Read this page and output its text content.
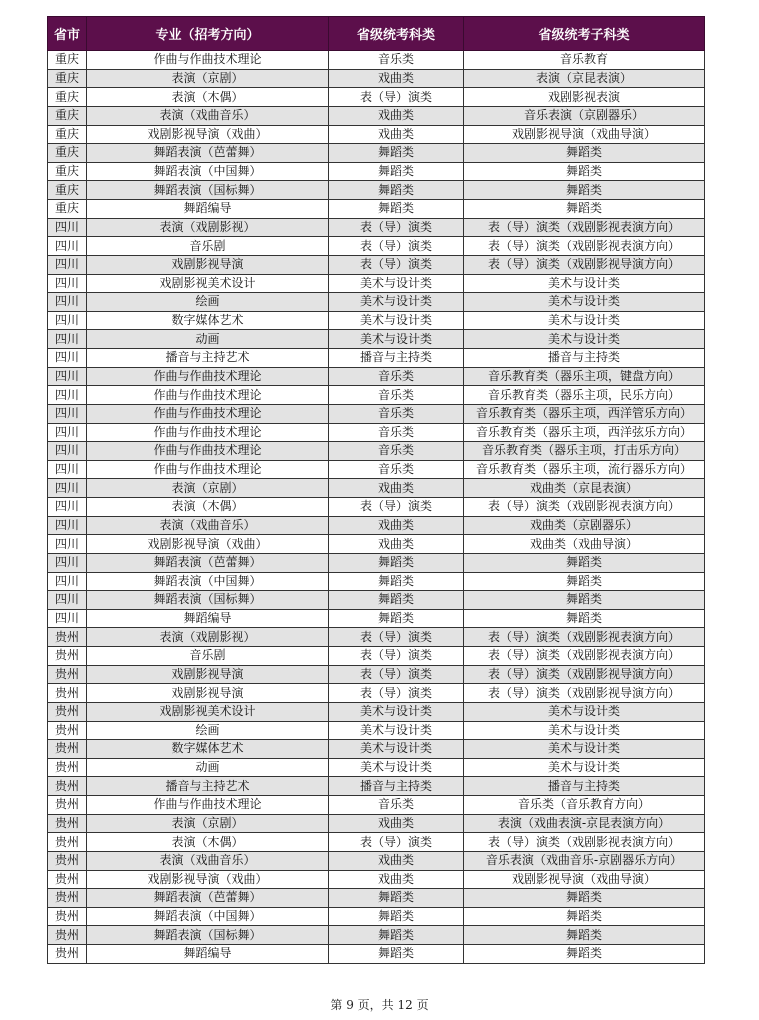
省市	专业（招考方向）	省级统考科类	省级统考子科类
重庆	作曲与作曲技术理论	音乐类	音乐教育
重庆	表演（京剧）	戏曲类	表演（京昆表演）
重庆	表演（木偶）	表（导）演类	戏剧影视表演
重庆	表演（戏曲音乐）	戏曲类	音乐表演（京剧器乐）
重庆	戏剧影视导演（戏曲）	戏曲类	戏剧影视导演（戏曲导演）
重庆	舞蹈表演（芭蕾舞）	舞蹈类	舞蹈类
重庆	舞蹈表演（中国舞）	舞蹈类	舞蹈类
重庆	舞蹈表演（国标舞）	舞蹈类	舞蹈类
重庆	舞蹈编导	舞蹈类	舞蹈类
四川	表演（戏剧影视）	表（导）演类	表（导）演类（戏剧影视表演方向）
四川	音乐剧	表（导）演类	表（导）演类（戏剧影视表演方向）
四川	戏剧影视导演	表（导）演类	表（导）演类（戏剧影视导演方向）
四川	戏剧影视美术设计	美术与设计类	美术与设计类
四川	绘画	美术与设计类	美术与设计类
四川	数字媒体艺术	美术与设计类	美术与设计类
四川	动画	美术与设计类	美术与设计类
四川	播音与主持艺术	播音与主持类	播音与主持类
四川	作曲与作曲技术理论	音乐类	音乐教育类（器乐主项，键盘方向）
四川	作曲与作曲技术理论	音乐类	音乐教育类（器乐主项，民乐方向）
四川	作曲与作曲技术理论	音乐类	音乐教育类（器乐主项，西洋管乐方向）
四川	作曲与作曲技术理论	音乐类	音乐教育类（器乐主项，西洋弦乐方向）
四川	作曲与作曲技术理论	音乐类	音乐教育类（器乐主项，打击乐方向）
四川	作曲与作曲技术理论	音乐类	音乐教育类（器乐主项，流行器乐方向）
四川	表演（京剧）	戏曲类	戏曲类（京昆表演）
四川	表演（木偶）	表（导）演类	表（导）演类（戏剧影视表演方向）
四川	表演（戏曲音乐）	戏曲类	戏曲类（京剧器乐）
四川	戏剧影视导演（戏曲）	戏曲类	戏曲类（戏曲导演）
四川	舞蹈表演（芭蕾舞）	舞蹈类	舞蹈类
四川	舞蹈表演（中国舞）	舞蹈类	舞蹈类
四川	舞蹈表演（国标舞）	舞蹈类	舞蹈类
四川	舞蹈编导	舞蹈类	舞蹈类
贵州	表演（戏剧影视）	表（导）演类	表（导）演类（戏剧影视表演方向）
贵州	音乐剧	表（导）演类	表（导）演类（戏剧影视表演方向）
贵州	戏剧影视导演	表（导）演类	表（导）演类（戏剧影视导演方向）
贵州	戏剧影视导演	表（导）演类	表（导）演类（戏剧影视导演方向）
贵州	戏剧影视美术设计	美术与设计类	美术与设计类
贵州	绘画	美术与设计类	美术与设计类
贵州	数字媒体艺术	美术与设计类	美术与设计类
贵州	动画	美术与设计类	美术与设计类
贵州	播音与主持艺术	播音与主持类	播音与主持类
贵州	作曲与作曲技术理论	音乐类	音乐类（音乐教育方向）
贵州	表演（京剧）	戏曲类	表演（戏曲表演-京昆表演方向）
贵州	表演（木偶）	表（导）演类	表（导）演类（戏剧影视表演方向）
贵州	表演（戏曲音乐）	戏曲类	音乐表演（戏曲音乐-京剧器乐方向）
贵州	戏剧影视导演（戏曲）	戏曲类	戏剧影视导演（戏曲导演）
贵州	舞蹈表演（芭蕾舞）	舞蹈类	舞蹈类
贵州	舞蹈表演（中国舞）	舞蹈类	舞蹈类
贵州	舞蹈表演（国标舞）	舞蹈类	舞蹈类
贵州	舞蹈编导	舞蹈类	舞蹈类
第 9 页，共 12 页
